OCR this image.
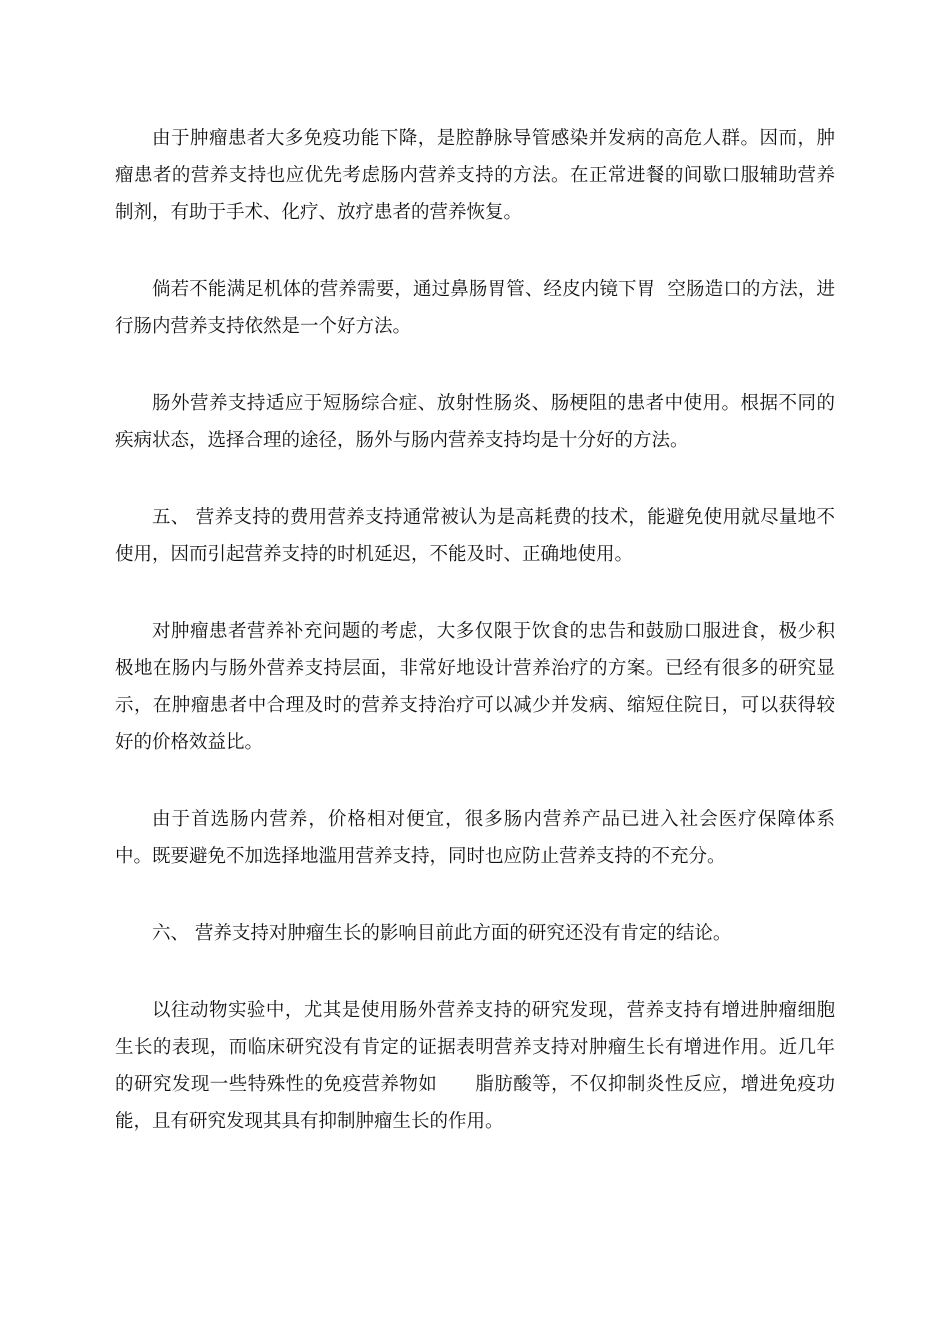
由于肿瘤患者大多免疫功能下降，是腔静脉导管感染并发病的高危人群。因而，肿瘤患者的营养支持也应优先考虑肠内营养支持的方法。在正常进餐的间歇口服辅助营养制剂，有助于手术、化疗、放疗患者的营养恢复。

倘若不能满足机体的营养需要，通过鼻肠胃管、经皮内镜下胃  空肠造口的方法，进行肠内营养支持依然是一个好方法。

肠外营养支持适应于短肠综合症、放射性肠炎、肠梗阻的患者中使用。根据不同的疾病状态，选择合理的途径，肠外与肠内营养支持均是十分好的方法。

五、 营养支持的费用营养支持通常被认为是高耗费的技术，能避免使用就尽量地不使用，因而引起营养支持的时机延迟，不能及时、正确地使用。

对肿瘤患者营养补充问题的考虑，大多仅限于饮食的忠告和鼓励口服进食，极少积极地在肠内与肠外营养支持层面，非常好地设计营养治疗的方案。已经有很多的研究显示，在肿瘤患者中合理及时的营养支持治疗可以减少并发病、缩短住院日，可以获得较好的价格效益比。

由于首选肠内营养，价格相对便宜，很多肠内营养产品已进入社会医疗保障体系中。既要避免不加选择地滥用营养支持，同时也应防止营养支持的不充分。

六、 营养支持对肿瘤生长的影响目前此方面的研究还没有肯定的结论。

以往动物实验中，尤其是使用肠外营养支持的研究发现，营养支持有增进肿瘤细胞生长的表现，而临床研究没有肯定的证据表明营养支持对肿瘤生长有增进作用。近几年的研究发现一些特殊性的免疫营养物如      脂肪酸等，不仅抑制炎性反应，增进免疫功能，且有研究发现其具有抑制肿瘤生长的作用。
